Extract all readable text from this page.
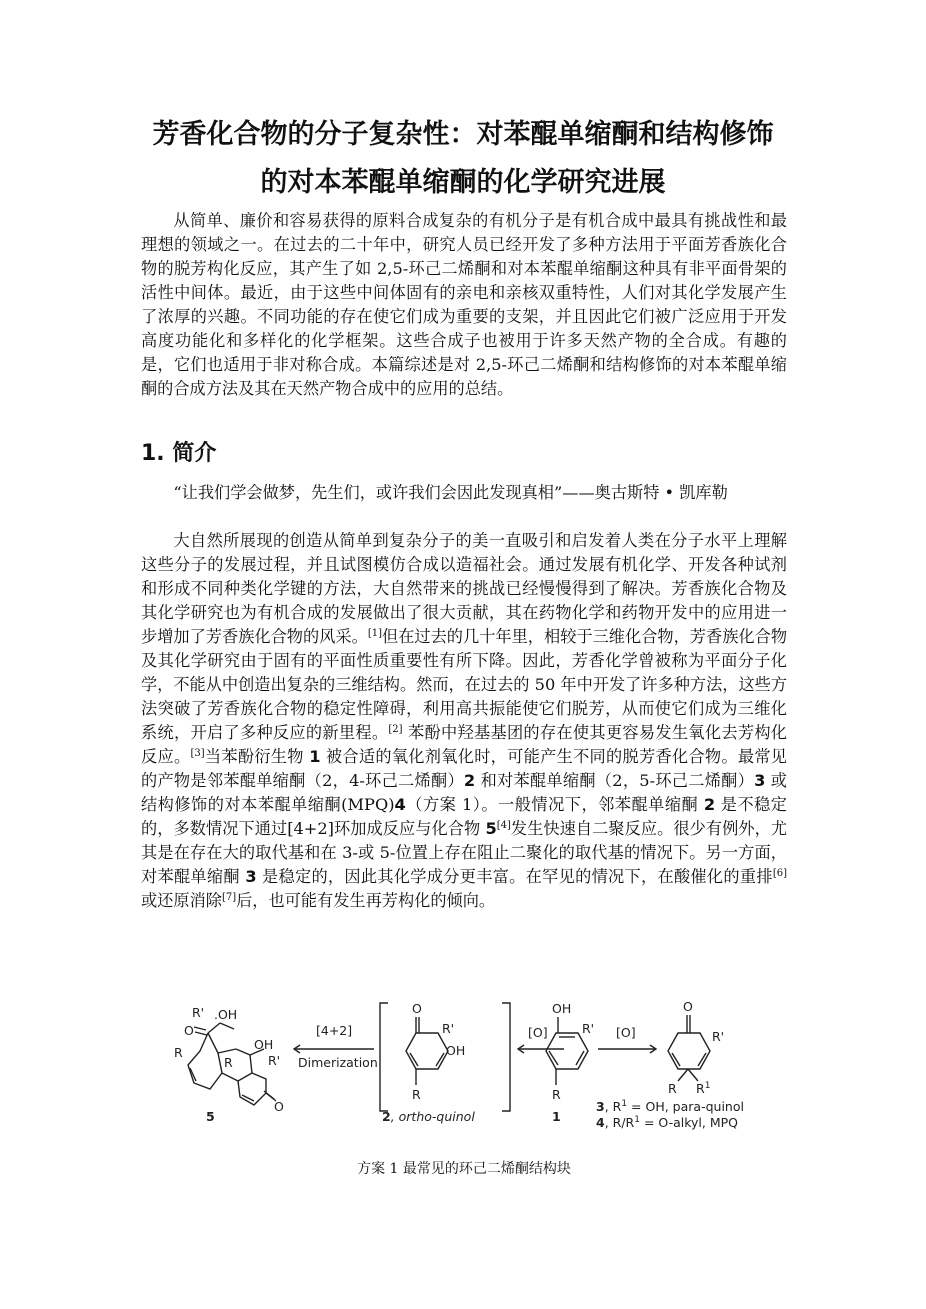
芳香化合物的分子复杂性：对苯醌单缩酮和结构修饰
的对本苯醌单缩酮的化学研究进展

从简单、廉价和容易获得的原料合成复杂的有机分子是有机合成中最具有挑战性和最理想的领域之一。在过去的二十年中，研究人员已经开发了多种方法用于平面芳香族化合物的脱芳构化反应，其产生了如 2,5-环己二烯酮和对本苯醌单缩酮这种具有非平面骨架的活性中间体。最近，由于这些中间体固有的亲电和亲核双重特性，人们对其化学发展产生了浓厚的兴趣。不同功能的存在使它们成为重要的支架，并且因此它们被广泛应用于开发高度功能化和多样化的化学框架。这些合成子也被用于许多天然产物的全合成。有趣的是，它们也适用于非对称合成。本篇综述是对 2,5-环己二烯酮和结构修饰的对本苯醌单缩酮的合成方法及其在天然产物合成中的应用的总结。

1. 简介

“让我们学会做梦，先生们，或许我们会因此发现真相”——奥古斯特 • 凯库勒

大自然所展现的创造从简单到复杂分子的美一直吸引和启发着人类在分子水平上理解这些分子的发展过程，并且试图模仿合成以造福社会。通过发展有机化学、开发各种试剂和形成不同种类化学键的方法，大自然带来的挑战已经慢慢得到了解决。芳香族化合物及其化学研究也为有机合成的发展做出了很大贡献，其在药物化学和药物开发中的应用进一步增加了芳香族化合物的风采。[1]但在过去的几十年里，相较于三维化合物，芳香族化合物及其化学研究由于固有的平面性质重要性有所下降。因此，芳香化学曾被称为平面分子化学，不能从中创造出复杂的三维结构。然而，在过去的 50 年中开发了许多种方法，这些方法突破了芳香族化合物的稳定性障碍，利用高共振能使它们脱芳，从而使它们成为三维化系统，开启了多种反应的新里程。[2] 苯酚中羟基基团的存在使其更容易发生氧化去芳构化反应。[3]当苯酚衍生物 1 被合适的氧化剂氧化时，可能产生不同的脱芳香化合物。最常见的产物是邻苯醌单缩酮（2，4-环己二烯酮）2 和对苯醌单缩酮（2，5-环己二烯酮）3 或结构修饰的对本苯醌单缩酮(MPQ)4（方案 1）。一般情况下，邻苯醌单缩酮 2 是不稳定的，多数情况下通过[4+2]环加成反应与化合物 5[4]发生快速自二聚反应。很少有例外，尤其是在存在大的取代基和在 3-或 5-位置上存在阻止二聚化的取代基的情况下。另一方面，对苯醌单缩酮 3 是稳定的，因此其化学成分更丰富。在罕见的情况下，在酸催化的重排[6]或还原消除[7]后，也可能有发生再芳构化的倾向。

R' .OH
O
R
OH
R	R'
O
O
R'
OH
R
OH
R'
R
O
R'
R $R^1$
[4+2]
Dimerization
[O]	[O]
5	2, ortho-quinol	1
3, $R^1$ = OH, para-quinol
4, $R/R^1$ = O-alkyl, MPQ

方案 1 最常见的环己二烯酮结构块
